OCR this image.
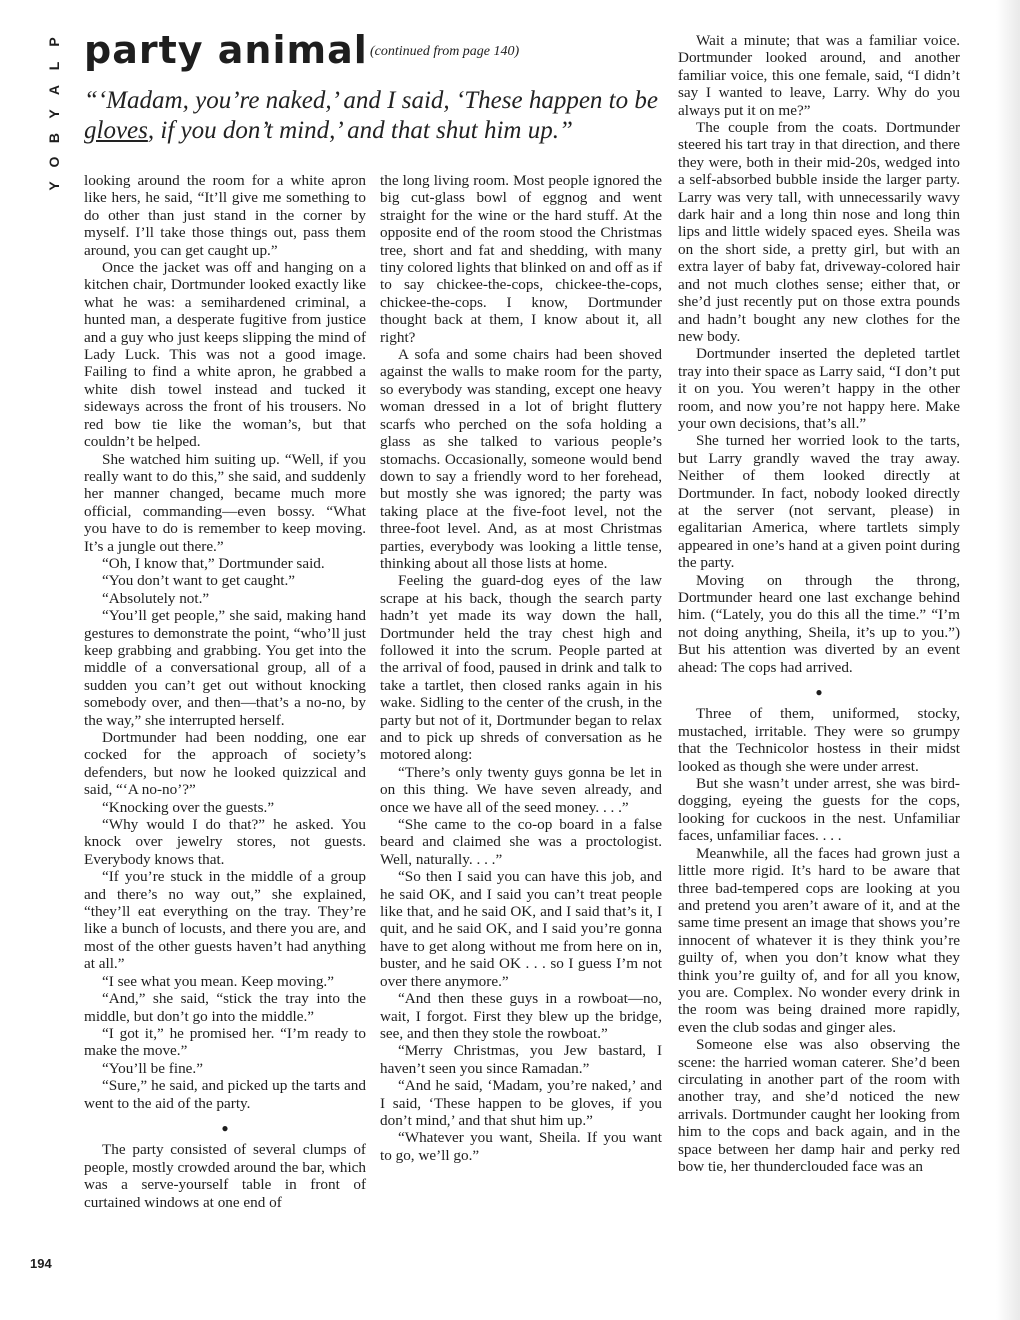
P
L
A
Y
B
O
Y
party animal (continued from page 140)
“‘Madam, you’re naked,’ and I said, ‘These happen to be gloves, if you don’t mind,’ and that shut him up.”

looking around the room for a white apron like hers, he said, “It’ll give me something to do other than just stand in the corner by myself. I’ll take those things out, pass them around, you can get caught up.”

Once the jacket was off and hanging on a kitchen chair, Dortmunder looked exactly like what he was: a semihardened criminal, a hunted man, a desperate fugitive from justice and a guy who just keeps slipping the mind of Lady Luck. This was not a good image. Failing to find a white apron, he grabbed a white dish towel instead and tucked it sideways across the front of his trousers. No red bow tie like the woman’s, but that couldn’t be helped.

She watched him suiting up. “Well, if you really want to do this,” she said, and suddenly her manner changed, became much more official, commanding—even bossy. “What you have to do is remember to keep moving. It’s a jungle out there.”

“Oh, I know that,” Dortmunder said.

“You don’t want to get caught.”

“Absolutely not.”

“You’ll get people,” she said, making hand gestures to demonstrate the point, “who’ll just keep grabbing and grabbing. You get into the middle of a conversational group, all of a sudden you can’t get out without knocking somebody over, and then—that’s a no-no, by the way,” she interrupted herself.

Dortmunder had been nodding, one ear cocked for the approach of society’s defenders, but now he looked quizzical and said, “‘A no-no’?”

“Knocking over the guests.”

“Why would I do that?” he asked. You knock over jewelry stores, not guests. Everybody knows that.

“If you’re stuck in the middle of a group and there’s no way out,” she explained, “they’ll eat everything on the tray. They’re like a bunch of locusts, and there you are, and most of the other guests haven’t had anything at all.”

“I see what you mean. Keep moving.”

“And,” she said, “stick the tray into the middle, but don’t go into the middle.”

“I got it,” he promised her. “I’m ready to make the move.”

“You’ll be fine.”

“Sure,” he said, and picked up the tarts and went to the aid of the party.

●

The party consisted of several clumps of people, mostly crowded around the bar, which was a serve-yourself table in front of curtained windows at one end of

the long living room. Most people ignored the big cut-glass bowl of eggnog and went straight for the wine or the hard stuff. At the opposite end of the room stood the Christmas tree, short and fat and shedding, with many tiny colored lights that blinked on and off as if to say chickee-the-cops, chickee-the-cops, chickee-the-cops. I know, Dortmunder thought back at them, I know about it, all right?

A sofa and some chairs had been shoved against the walls to make room for the party, so everybody was standing, except one heavy woman dressed in a lot of bright fluttery scarfs who perched on the sofa holding a glass as she talked to various people’s stomachs. Occasionally, someone would bend down to say a friendly word to her forehead, but mostly she was ignored; the party was taking place at the five-foot level, not the three-foot level. And, as at most Christmas parties, everybody was looking a little tense, thinking about all those lists at home.

Feeling the guard-dog eyes of the law scrape at his back, though the search party hadn’t yet made its way down the hall, Dortmunder held the tray chest high and followed it into the scrum. People parted at the arrival of food, paused in drink and talk to take a tartlet, then closed ranks again in his wake. Sidling to the center of the crush, in the party but not of it, Dortmunder began to relax and to pick up shreds of conversation as he motored along:

“There’s only twenty guys gonna be let in on this thing. We have seven already, and once we have all of the seed money. . . .”

“She came to the co-op board in a false beard and claimed she was a proctologist. Well, naturally. . . .”

“So then I said you can have this job, and he said OK, and I said you can’t treat people like that, and he said OK, and I said that’s it, I quit, and he said OK, and I said you’re gonna have to get along without me from here on in, buster, and he said OK . . . so I guess I’m not over there anymore.”

“And then these guys in a rowboat—no, wait, I forgot. First they blew up the bridge, see, and then they stole the rowboat.”

“Merry Christmas, you Jew bastard, I haven’t seen you since Ramadan.”

“And he said, ‘Madam, you’re naked,’ and I said, ‘These happen to be gloves, if you don’t mind,’ and that shut him up.”

“Whatever you want, Sheila. If you want to go, we’ll go.”

Wait a minute; that was a familiar voice. Dortmunder looked around, and another familiar voice, this one female, said, “I didn’t say I wanted to leave, Larry. Why do you always put it on me?”

The couple from the coats. Dortmunder steered his tart tray in that direction, and there they were, both in their mid-20s, wedged into a self-absorbed bubble inside the larger party. Larry was very tall, with unnecessarily wavy dark hair and a long thin nose and long thin lips and little widely spaced eyes. Sheila was on the short side, a pretty girl, but with an extra layer of baby fat, driveway-colored hair and not much clothes sense; either that, or she’d just recently put on those extra pounds and hadn’t bought any new clothes for the new body.

Dortmunder inserted the depleted tartlet tray into their space as Larry said, “I don’t put it on you. You weren’t happy in the other room, and now you’re not happy here. Make your own decisions, that’s all.”

She turned her worried look to the tarts, but Larry grandly waved the tray away. Neither of them looked directly at Dortmunder. In fact, nobody looked directly at the server (not servant, please) in egalitarian America, where tartlets simply appeared in one’s hand at a given point during the party.

Moving on through the throng, Dortmunder heard one last exchange behind him. (“Lately, you do this all the time.” “I’m not doing anything, Sheila, it’s up to you.”) But his attention was diverted by an event ahead: The cops had arrived.

●

Three of them, uniformed, stocky, mustached, irritable. They were so grumpy that the Technicolor hostess in their midst looked as though she were under arrest.

But she wasn’t under arrest, she was bird-dogging, eyeing the guests for the cops, looking for cuckoos in the nest. Unfamiliar faces, unfamiliar faces. . . .

Meanwhile, all the faces had grown just a little more rigid. It’s hard to be aware that three bad-tempered cops are looking at you and pretend you aren’t aware of it, and at the same time present an image that shows you’re innocent of whatever it is they think you’re guilty of, when you don’t know what they think you’re guilty of, and for all you know, you are. Complex. No wonder every drink in the room was being drained more rapidly, even the club sodas and ginger ales.

Someone else was also observing the scene: the harried woman caterer. She’d been circulating in another part of the room with another tray, and she’d noticed the new arrivals. Dortmunder caught her looking from him to the cops and back again, and in the space between her damp hair and perky red bow tie, her thunderclouded face was an

194
